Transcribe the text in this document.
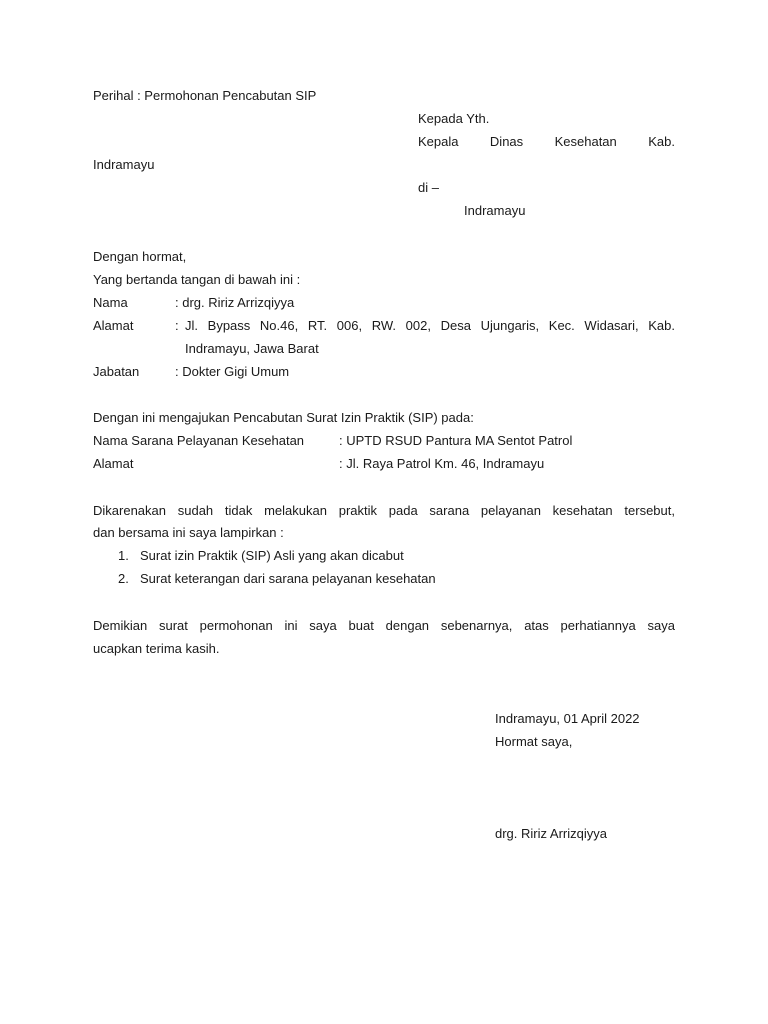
Perihal : Permohonan Pencabutan SIP
Kepada Yth.
Kepala Dinas Kesehatan Kab.
Indramayu
di –
Indramayu
Dengan hormat,
Yang bertanda tangan di bawah ini :
Nama	: drg. Ririz Arrizqiyya
Alamat	: Jl. Bypass No.46, RT. 006, RW. 002, Desa Ujungaris, Kec. Widasari, Kab.
Indramayu, Jawa Barat
Jabatan	: Dokter Gigi Umum
Dengan ini mengajukan Pencabutan Surat Izin Praktik (SIP) pada:
Nama Sarana Pelayanan Kesehatan	: UPTD RSUD Pantura MA Sentot Patrol
Alamat	: Jl. Raya Patrol Km. 46, Indramayu
Dikarenakan sudah tidak melakukan praktik pada sarana pelayanan kesehatan tersebut,
dan bersama ini saya lampirkan :
1. Surat izin Praktik (SIP) Asli yang akan dicabut
2. Surat keterangan dari sarana pelayanan kesehatan
Demikian surat permohonan ini saya buat dengan sebenarnya, atas perhatiannya saya
ucapkan terima kasih.
Indramayu, 01 April 2022
Hormat saya,
drg. Ririz Arrizqiyya
